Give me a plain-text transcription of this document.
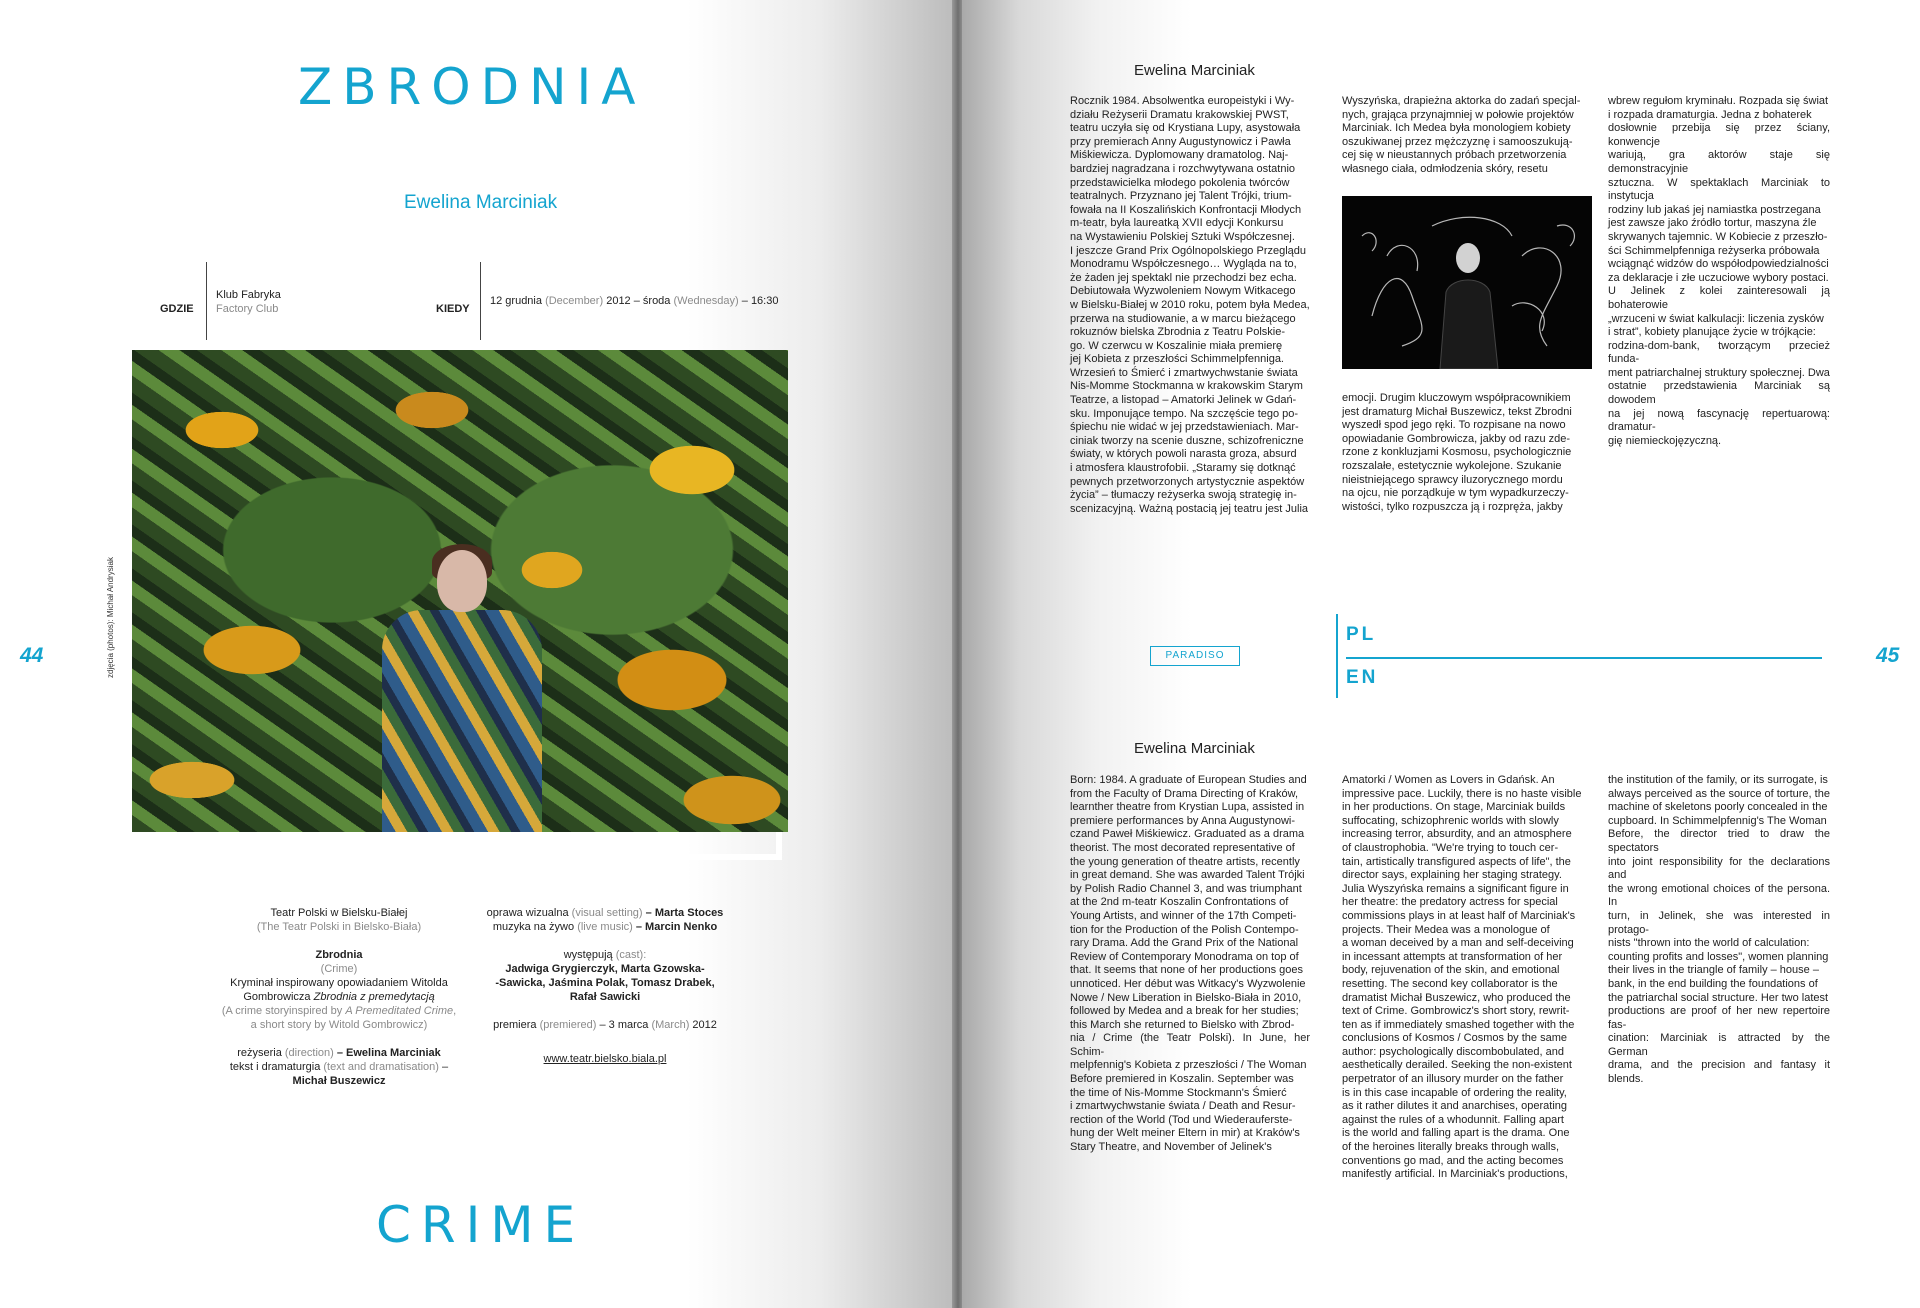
ZBRODNIA
Ewelina Marciniak
GDZIE
Klub Fabryka
Factory Club	KIEDY
12 grudnia (December) 2012 – środa (Wednesday) – 16:30
zdjęcia (photos): Michał Andrysiak
44

Teatr Polski w Bielsku-Białej
(The Teatr Polski in Bielsko-Biała)

Zbrodnia
(Crime)
Kryminał inspirowany opowiadaniem Witolda
Gombrowicza Zbrodnia z premedytacją
(A crime storyinspired by A Premeditated Crime,
a short story by Witold Gombrowicz)

reżyseria (direction) – Ewelina Marciniak
tekst i dramaturgia (text and dramatisation) –
Michał Buszewicz

oprawa wizualna (visual setting) – Marta Stoces
muzyka na żywo (live music) – Marcin Nenko

występują (cast):
Jadwiga Grygierczyk, Marta Gzowska-
-Sawicka, Jaśmina Polak, Tomasz Drabek,
Rafał Sawicki

premiera (premiered) – 3 marca (March) 2012

www.teatr.bielsko.biala.pl

CRIME
Ewelina Marciniak

Rocznik 1984. Absolwentka europeistyki i Wy-

działu Reżyserii Dramatu krakowskiej PWST,

teatru uczyła się od Krystiana Lupy, asystowała

przy premierach Anny Augustynowicz i Pawła

Miśkiewicza. Dyplomowany dramatolog. Naj-

bardziej nagradzana i rozchwytywana ostatnio

przedstawicielka młodego pokolenia twórców

teatralnych. Przyznano jej Talent Trójki, trium-

fowała na II Koszalińskich Konfrontacji Młodych

m-teatr, była laureatką XVII edycji Konkursu

na Wystawieniu Polskiej Sztuki Współczesnej.

I jeszcze Grand Prix Ogólnopolskiego Przeglądu

Monodramu Współczesnego… Wygląda na to,

że żaden jej spektakl nie przechodzi bez echa.

Debiutowała Wyzwoleniem Nowym Witkacego

w Bielsku-Białej w 2010 roku, potem była Medea,

przerwa na studiowanie, a w marcu bieżącego

rokuznów bielska Zbrodnia z Teatru Polskie-

go. W czerwcu w Koszalinie miała premierę

jej Kobieta z przeszłości Schimmelpfenniga.

Wrzesień to Śmierć i zmartwychwstanie świata

Nis-Momme Stockmanna w krakowskim Starym

Teatrze, a listopad – Amatorki Jelinek w Gdań-

sku. Imponujące tempo. Na szczęście tego po-

śpiechu nie widać w jej przedstawieniach. Mar-

ciniak tworzy na scenie duszne, schizofreniczne

światy, w których powoli narasta groza, absurd

i atmosfera klaustrofobii. „Staramy się dotknąć

pewnych przetworzonych artystycznie aspektów

życia” – tłumaczy reżyserka swoją strategię in-

scenizacyjną. Ważną postacią jej teatru jest Julia

Wyszyńska, drapieżna aktorka do zadań specjal-

nych, grająca przynajmniej w połowie projektów

Marciniak. Ich Medea była monologiem kobiety

oszukiwanej przez mężczyznę i samooszukują-

cej się w nieustannych próbach przetworzenia

własnego ciała, odmłodzenia skóry, resetu

emocji. Drugim kluczowym współpracownikiem

jest dramaturg Michał Buszewicz, tekst Zbrodni

wyszedł spod jego ręki. To rozpisane na nowo

opowiadanie Gombrowicza, jakby od razu zde-

rzone z konkluzjami Kosmosu, psychologicznie

rozszalałe, estetycznie wykolejone. Szukanie

nieistniejącego sprawcy iluzorycznego mordu

na ojcu, nie porządkuje w tym wypadkurzeczy-

wistości, tylko rozpuszcza ją i rozpręża, jakby

wbrew regułom kryminału. Rozpada się świat

i rozpada dramaturgia. Jedna z bohaterek

dosłownie przebija się przez ściany, konwencje

wariują, gra aktorów staje się demonstracyjnie

sztuczna. W spektaklach Marciniak to instytucja

rodziny lub jakaś jej namiastka postrzegana

jest zawsze jako źródło tortur, maszyna źle

skrywanych tajemnic. W Kobiecie z przeszło-

ści Schimmelpfenniga reżyserka próbowała

wciągnąć widzów do współodpowiedzialności

za deklaracje i złe uczuciowe wybory postaci.

U Jelinek z kolei zainteresowali ją bohaterowie

„wrzuceni w świat kalkulacji: liczenia zysków

i strat”, kobiety planujące życie w trójkącie:

rodzina-dom-bank, tworzącym przecież funda-

ment patriarchalnej struktury społecznej. Dwa

ostatnie przedstawienia Marciniak są dowodem

na jej nową fascynację repertuarową: dramatur-

gię niemieckojęzyczną.

PARADISO
PL
EN
45
Ewelina Marciniak

Born: 1984. A graduate of European Studies and

from the Faculty of Drama Directing of Kraków,

learnther theatre from Krystian Lupa, assisted in

premiere performances by Anna Augustynowi-

czand Paweł Miśkiewicz. Graduated as a drama

theorist. The most decorated representative of

the young generation of theatre artists, recently

in great demand. She was awarded Talent Trójki

by Polish Radio Channel 3, and was triumphant

at the 2nd m-teatr Koszalin Confrontations of

Young Artists, and winner of the 17th Competi-

tion for the Production of the Polish Contempo-

rary Drama. Add the Grand Prix of the National

Review of Contemporary Monodrama on top of

that. It seems that none of her productions goes

unnoticed. Her début was Witkacy's Wyzwolenie

Nowe / New Liberation in Bielsko-Biała in 2010,

followed by Medea and a break for her studies;

this March she returned to Bielsko with Zbrod-

nia / Crime (the Teatr Polski). In June, her Schim-

melpfennig's Kobieta z przeszłości / The Woman

Before premiered in Koszalin. September was

the time of Nis-Momme Stockmann's Śmierć

i zmartwychwstanie świata / Death and Resur-

rection of the World (Tod und Wiederauferste-

hung der Welt meiner Eltern in mir) at Kraków's

Stary Theatre, and November of Jelinek's

Amatorki / Women as Lovers in Gdańsk. An

impressive pace. Luckily, there is no haste visible

in her productions. On stage, Marciniak builds

suffocating, schizophrenic worlds with slowly

increasing terror, absurdity, and an atmosphere

of claustrophobia. "We're trying to touch cer-

tain, artistically transfigured aspects of life", the

director says, explaining her staging strategy.

Julia Wyszyńska remains a significant figure in

her theatre: the predatory actress for special

commissions plays in at least half of Marciniak's

projects. Their Medea was a monologue of

a woman deceived by a man and self-deceiving

in incessant attempts at transformation of her

body, rejuvenation of the skin, and emotional

resetting. The second key collaborator is the

dramatist Michał Buszewicz, who produced the

text of Crime. Gombrowicz's short story, rewrit-

ten as if immediately smashed together with the

conclusions of Kosmos / Cosmos by the same

author: psychologically discombobulated, and

aesthetically derailed. Seeking the non-existent

perpetrator of an illusory murder on the father

is in this case incapable of ordering the reality,

as it rather dilutes it and anarchises, operating

against the rules of a whodunnit. Falling apart

is the world and falling apart is the drama. One

of the heroines literally breaks through walls,

conventions go mad, and the acting becomes

manifestly artificial. In Marciniak's productions,

the institution of the family, or its surrogate, is

always perceived as the source of torture, the

machine of skeletons poorly concealed in the

cupboard. In Schimmelpfennig's The Woman

Before, the director tried to draw the spectators

into joint responsibility for the declarations and

the wrong emotional choices of the persona. In

turn, in Jelinek, she was interested in protago-

nists "thrown into the world of calculation:

counting profits and losses", women planning

their lives in the triangle of family – house –

bank, in the end building the foundations of

the patriarchal social structure. Her two latest

productions are proof of her new repertoire fas-

cination: Marciniak is attracted by the German

drama, and the precision and fantasy it blends.
